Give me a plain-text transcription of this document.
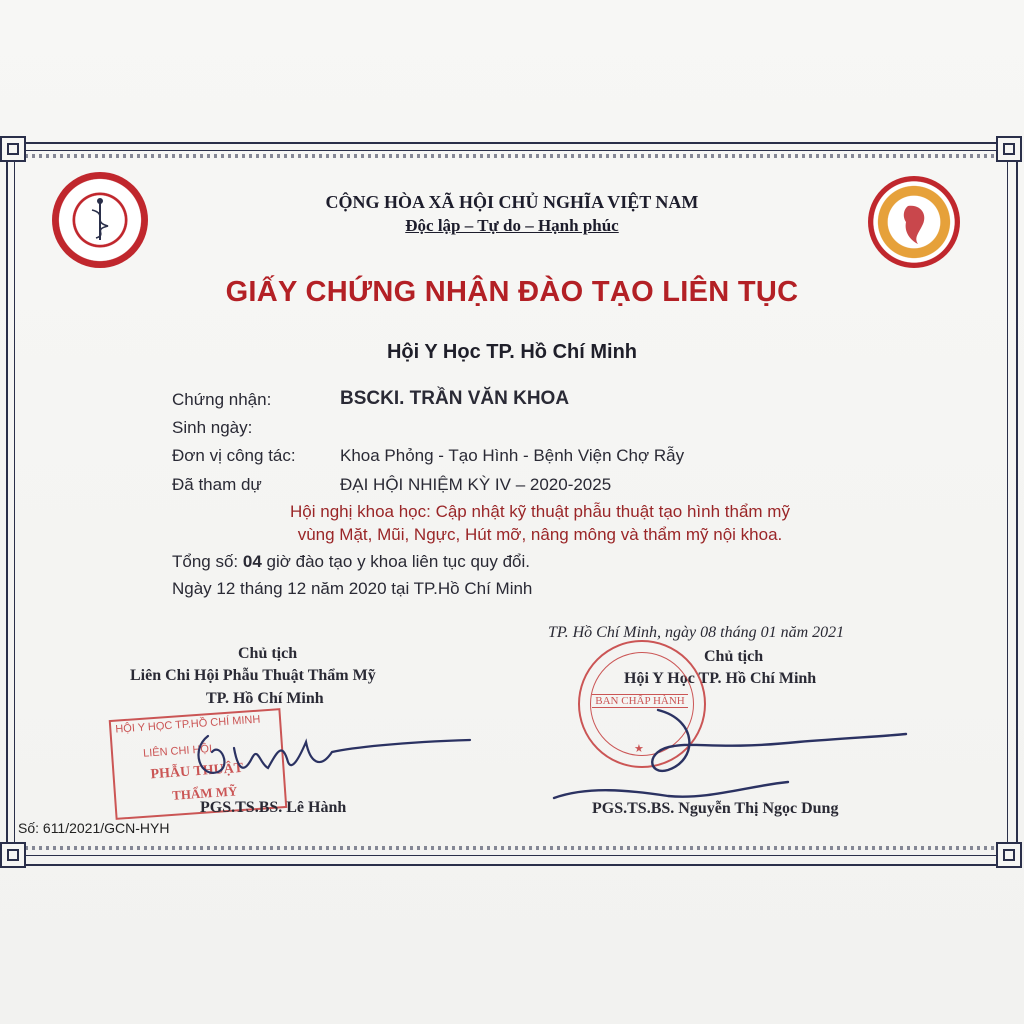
CỘNG HÒA XÃ HỘI CHỦ NGHĨA VIỆT NAM
Độc lập – Tự do – Hạnh phúc
GIẤY CHỨNG NHẬN ĐÀO TẠO LIÊN TỤC
Hội Y Học TP. Hồ Chí Minh
Chứng nhận:	BSCKI. TRẦN VĂN KHOA
Sinh ngày:
Đơn vị công tác:	Khoa Phỏng - Tạo Hình - Bệnh Viện Chợ Rẫy
Đã tham dự	ĐẠI HỘI NHIỆM KỲ IV – 2020-2025
Hội nghị khoa học: Cập nhật kỹ thuật phẫu thuật tạo hình thẩm mỹ
vùng Mặt, Mũi, Ngực, Hút mỡ, nâng mông và thẩm mỹ nội khoa.
Tổng số: 04 giờ đào tạo y khoa liên tục quy đổi.
Ngày 12 tháng 12 năm 2020 tại TP.Hồ Chí Minh
Chủ tịch
Liên Chi Hội Phẫu Thuật Thẩm Mỹ
TP. Hồ Chí Minh
HỘI Y HỌC TP.HỒ CHÍ MINH
LIÊN CHI HỘI
PHẪU THUẬT
THẨM MỸ
PGS.TS.BS. Lê Hành
TP. Hồ Chí Minh, ngày 08 tháng 01 năm 2021
Chủ tịch
Hội Y Học TP. Hồ Chí Minh
BAN CHẤP HÀNH
★
PGS.TS.BS. Nguyễn Thị Ngọc Dung
Số: 611/2021/GCN-HYH
